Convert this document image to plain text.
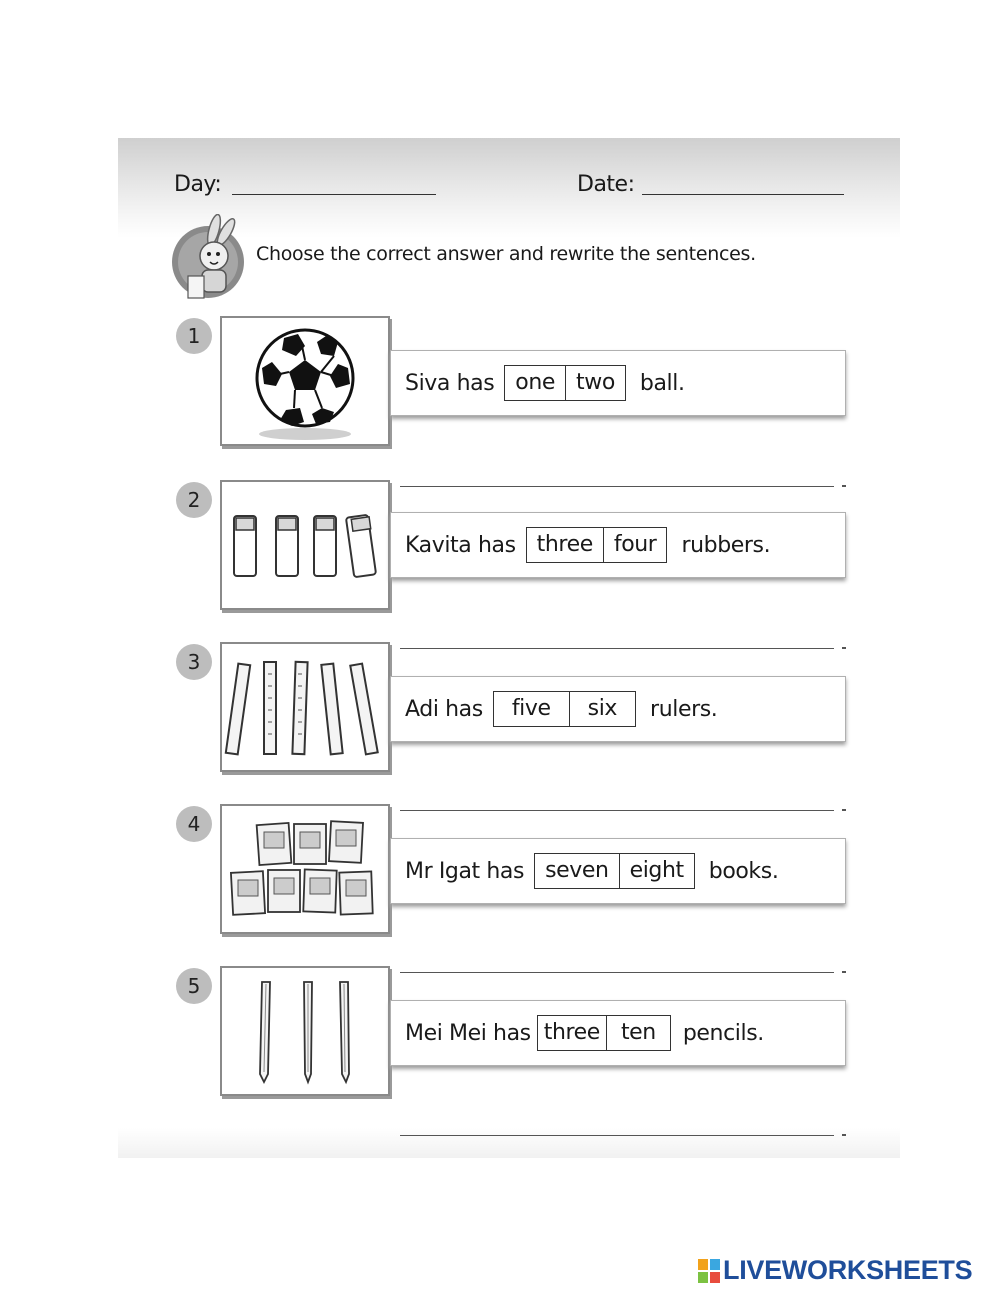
Day:	Date:
Choose the correct answer and rewrite the sentences.
1
Siva has one two	ball.
2
Kavita has three four	rubbers.
3
Adi has	five	six	rulers.
4
Mr Igat has seven eight	books.
5
Mei Mei has three ten	pencils.
LIVEWORKSHEETS
